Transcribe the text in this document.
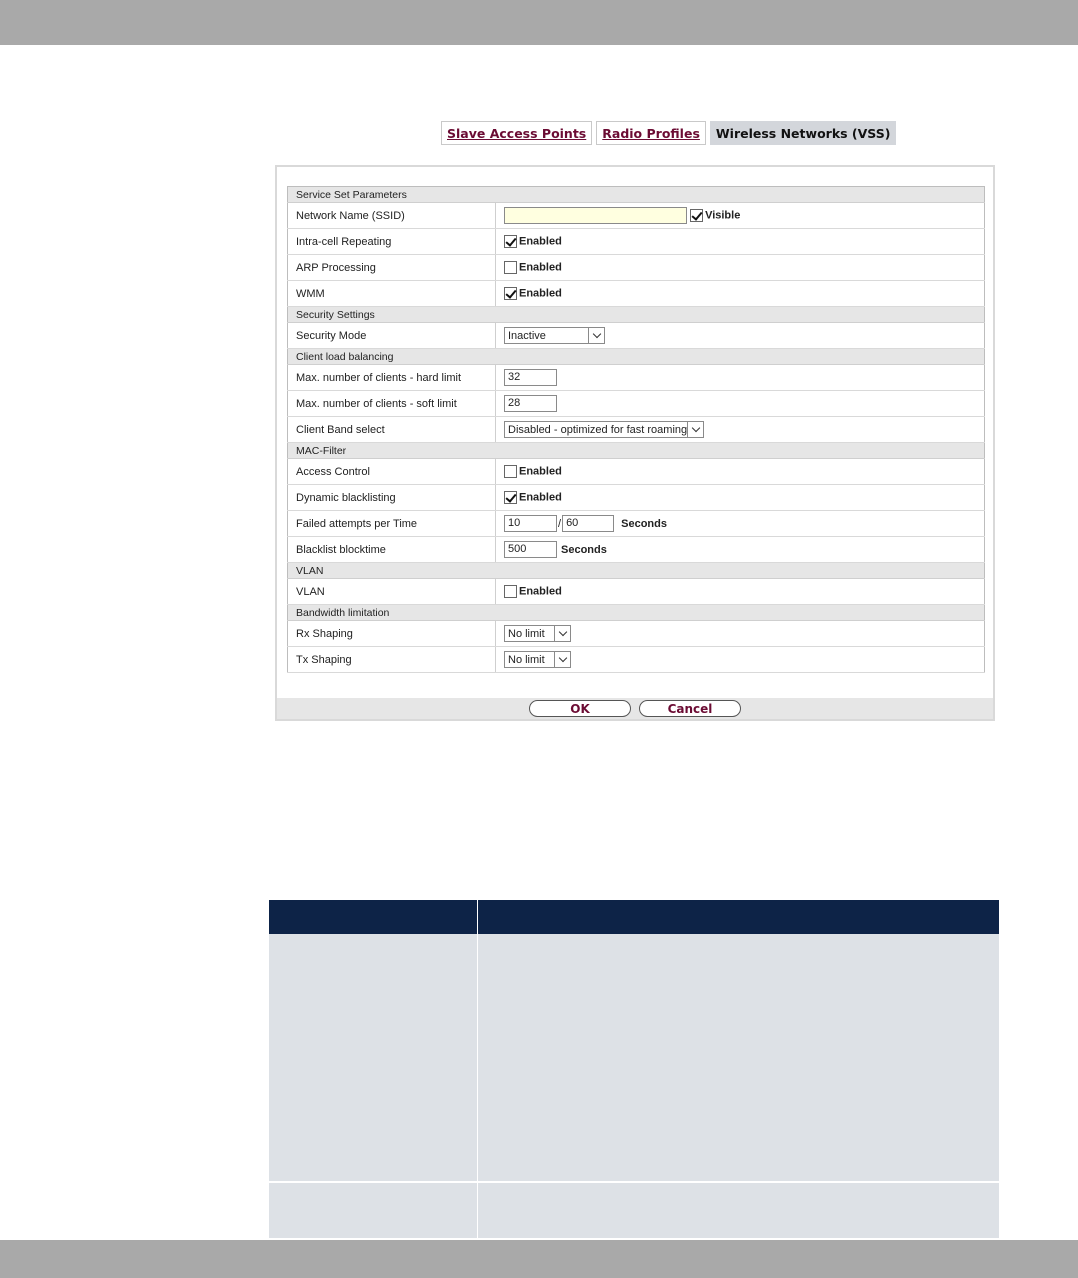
Slave Access Points Radio Profiles	Wireless Networks (VSS)
Service Set Parameters	
Network Name (SSID)	Visible
Intra-cell Repeating	Enabled
ARP Processing	Enabled
WMM	Enabled
Security Settings	
Security Mode	Inactive

Client load balancing	
Max. number of clients - hard limit	32
Max. number of clients - soft limit	28
Client Band select	Disabled - optimized for fast roaming

MAC-Filter	
Access Control	Enabled
Dynamic blacklisting	Enabled
Failed attempts per Time	10 / 60 Seconds
Blacklist blocktime	500 Seconds
VLAN	
VLAN	Enabled
Bandwidth limitation	
Rx Shaping	No limit

Tx Shaping	No limit
OK	Cancel
